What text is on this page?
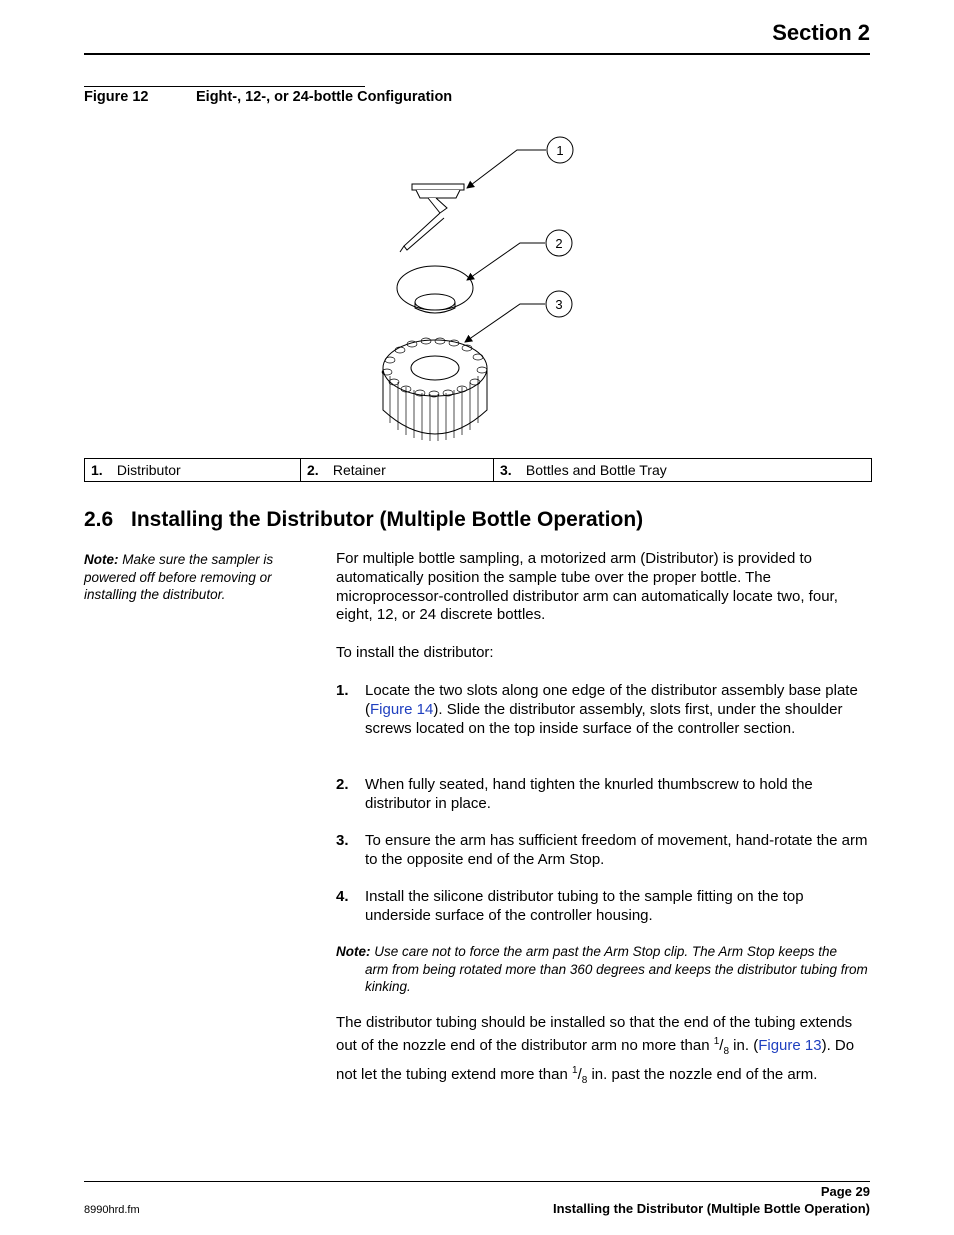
Section 2
Figure 12	Eight-, 12-, or 24-bottle Configuration
1
2
3
1. Distributor	2. Retainer	3. Bottles and Bottle Tray
2.6 Installing the Distributor (Multiple Bottle Operation)
Note: Make sure the sampler is powered off before removing or installing the distributor.

For multiple bottle sampling, a motorized arm (Distributor) is provided to automatically position the sample tube over the proper bottle. The microprocessor-controlled distributor arm can automatically locate two, four, eight, 12, or 24 discrete bottles.

To install the distributor:

1. Locate the two slots along one edge of the distributor assembly base plate (Figure 14). Slide the distributor assembly, slots first, under the shoulder screws located on the top inside surface of the controller section.
2. When fully seated, hand tighten the knurled thumbscrew to hold the distributor in place.
3. To ensure the arm has sufficient freedom of movement, hand-rotate the arm to the opposite end of the Arm Stop.
4. Install the silicone distributor tubing to the sample fitting on the top underside surface of the controller housing.
Note: Use care not to force the arm past the Arm Stop clip. The Arm Stop keeps the
arm from being rotated more than 360 degrees and keeps the distributor tubing from kinking.
The distributor tubing should be installed so that the end of the tubing extends out of the nozzle end of the distributor arm no more than $^1/_8$ in. (Figure 13). Do not let the tubing extend more than $^1/_8$ in. past the nozzle end of the arm.
Page 29
Installing the Distributor (Multiple Bottle Operation)
8990hrd.fm
